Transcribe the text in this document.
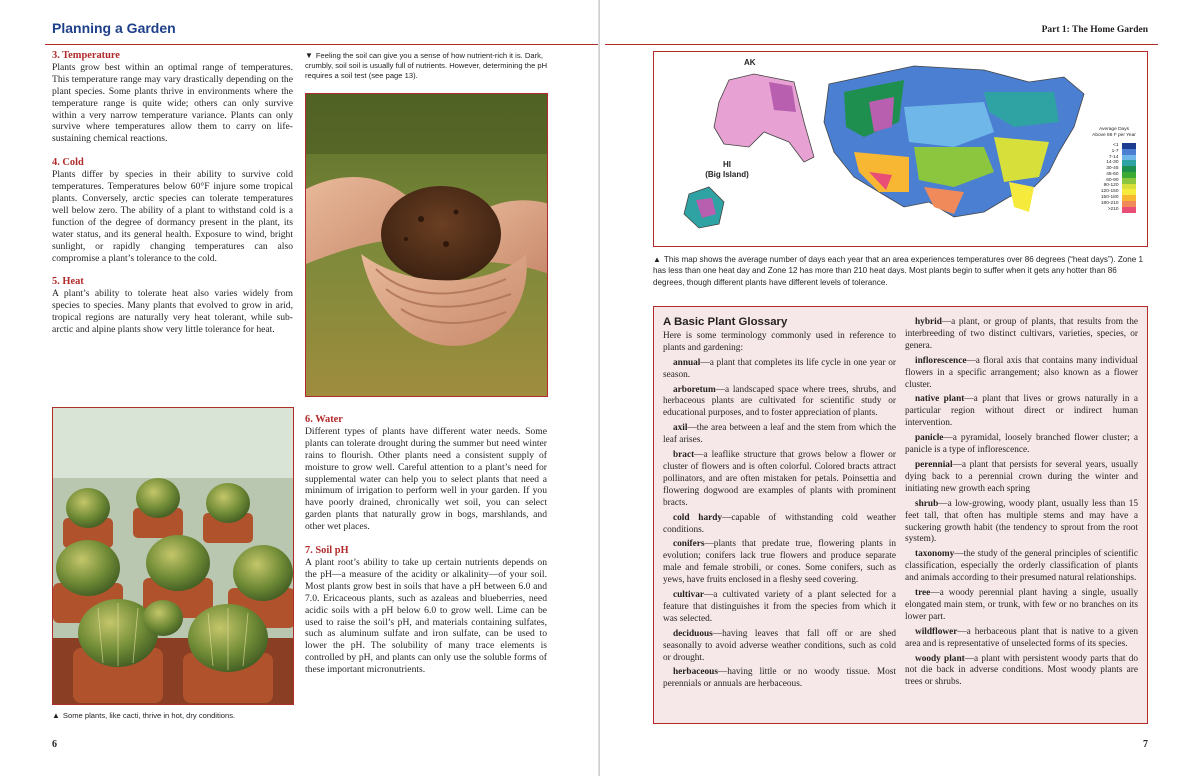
Planning a Garden

3. Temperature

Plants grow best within an optimal range of temperatures. This temperature range may vary drastically depending on the plant species. Some plants thrive in environments where the temperature range is quite wide; others can only survive within a very narrow temperature variance. Plants can only survive where temperatures allow them to carry on life-sustaining chemical reactions.

4. Cold

Plants differ by species in their ability to survive cold temperatures. Temperatures below 60°F injure some tropical plants. Conversely, arctic species can tolerate temperatures well below zero. The ability of a plant to withstand cold is a function of the degree of dormancy present in the plant, its water status, and its general health. Exposure to wind, bright sunlight, or rapidly changing temperatures can also compromise a plant’s tolerance to the cold.

5. Heat

A plant’s ability to tolerate heat also varies widely from species to species. Many plants that evolved to grow in arid, tropical regions are naturally very heat tolerant, while sub-arctic and alpine plants show very little tolerance for heat.

▼ Feeling the soil can give you a sense of how nutrient-rich it is. Dark, crumbly, soil soil is usually full of nutrients. However, determining the pH requires a soil test (see page 13).
▲ Some plants, like cacti, thrive in hot, dry conditions.

6. Water

Different types of plants have different water needs. Some plants can tolerate drought during the summer but need winter rains to flourish. Other plants need a consistent supply of moisture to grow well. Careful attention to a plant’s need for supplemental water can help you to select plants that need a minimum of irrigation to perform well in your garden. If you have poorly drained, chronically wet soil, you can select garden plants that naturally grow in bogs, marshlands, and other wet places.

7. Soil pH

A plant root’s ability to take up certain nutrients depends on the pH—a measure of the acidity or alkalinity—of your soil. Most plants grow best in soils that have a pH between 6.0 and 7.0. Ericaceous plants, such as azaleas and blueberries, need acidic soils with a pH below 6.0 to grow well. Lime can be used to raise the soil’s pH, and materials containing sulfates, such as aluminum sulfate and iron sulfate, can be used to lower the pH. The solubility of many trace elements is controlled by pH, and plants can only use the soluble forms of these important micronutrients.

6
Part 1: The Home Garden
7
AK
HI
(Big Island)
Average Days
Above 86 F per Year
<1
1-7
7-14
14-30
30-45
45-60
60-90
90-120
120-150
150-180
180-210
>210
▲ This map shows the average number of days each year that an area experiences temperatures over 86 degrees (“heat days”). Zone 1 has less than one heat day and Zone 12 has more than 210 heat days. Most plants begin to suffer when it gets any hotter than 86 degrees, though different plants have different levels of tolerance.
A Basic Plant Glossary
Here is some terminology commonly used in reference to plants and gardening:
annual—a plant that completes its life cycle in one year or season.
arboretum—a landscaped space where trees, shrubs, and herbaceous plants are cultivated for scientific study or educational purposes, and to foster appreciation of plants.
axil—the area between a leaf and the stem from which the leaf arises.
bract—a leaflike structure that grows below a flower or cluster of flowers and is often colorful. Colored bracts attract pollinators, and are often mistaken for petals. Poinsettia and flowering dogwood are examples of plants with prominent bracts.
cold hardy—capable of withstanding cold weather conditions.
conifers—plants that predate true, flowering plants in evolution; conifers lack true flowers and produce separate male and female strobili, or cones. Some conifers, such as yews, have fruits enclosed in a fleshy seed covering.
cultivar—a cultivated variety of a plant selected for a feature that distinguishes it from the species from which it was selected.
deciduous—having leaves that fall off or are shed seasonally to avoid adverse weather conditions, such as cold or drought.
herbaceous—having little or no woody tissue. Most perennials or annuals are herbaceous.
hybrid—a plant, or group of plants, that results from the interbreeding of two distinct cultivars, varieties, species, or genera.
inflorescence—a floral axis that contains many individual flowers in a specific arrangement; also known as a flower cluster.
native plant—a plant that lives or grows naturally in a particular region without direct or indirect human intervention.
panicle—a pyramidal, loosely branched flower cluster; a panicle is a type of inflorescence.
perennial—a plant that persists for several years, usually dying back to a perennial crown during the winter and initiating new growth each spring
shrub—a low-growing, woody plant, usually less than 15 feet tall, that often has multiple stems and may have a suckering growth habit (the tendency to sprout from the root system).
taxonomy—the study of the general principles of scientific classification, especially the orderly classification of plants and animals according to their presumed natural relationships.
tree—a woody perennial plant having a single, usually elongated main stem, or trunk, with few or no branches on its lower part.
wildflower—a herbaceous plant that is native to a given area and is representative of unselected forms of its species.
woody plant—a plant with persistent woody parts that do not die back in adverse conditions. Most woody plants are trees or shrubs.
